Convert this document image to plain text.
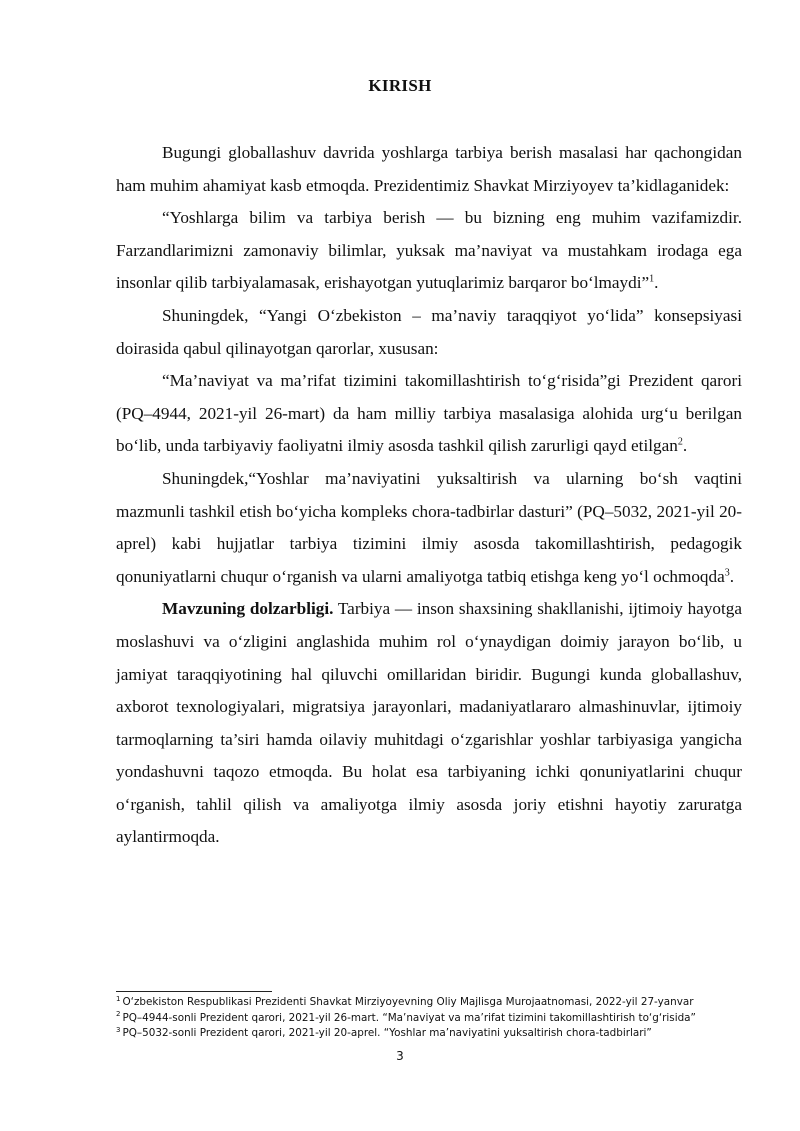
KIRISH

Bugungi globallashuv davrida yoshlarga tarbiya berish masalasi har qachongidan ham muhim ahamiyat kasb etmoqda. Prezidentimiz Shavkat Mirziyoyev ta’kidlaganidek:

“Yoshlarga bilim va tarbiya berish — bu bizning eng muhim vazifamizdir. Farzandlarimizni zamonaviy bilimlar, yuksak ma’naviyat va mustahkam irodaga ega insonlar qilib tarbiyalamasak, erishayotgan yutuqlarimiz barqaror bo‘lmaydi”$^1$.

Shuningdek, “Yangi O‘zbekiston – ma’naviy taraqqiyot yo‘lida” konsepsiyasi doirasida qabul qilinayotgan qarorlar, xususan:

“Ma’naviyat va ma’rifat tizimini takomillashtirish to‘g‘risida”gi Prezident qarori (PQ–4944, 2021-yil 26-mart) da ham milliy tarbiya masalasiga alohida urg‘u berilgan bo‘lib, unda tarbiyaviy faoliyatni ilmiy asosda tashkil qilish zarurligi qayd etilgan$^2$.

Shuningdek,“Yoshlar ma’naviyatini yuksaltirish va ularning bo‘sh vaqtini mazmunli tashkil etish bo‘yicha kompleks chora-tadbirlar dasturi” (PQ–5032, 2021-yil 20-aprel) kabi hujjatlar tarbiya tizimini ilmiy asosda takomillashtirish, pedagogik qonuniyatlarni chuqur o‘rganish va ularni amaliyotga tatbiq etishga keng yo‘l ochmoqda$^3$.

Mavzuning dolzarbligi. Tarbiya — inson shaxsining shakllanishi, ijtimoiy hayotga moslashuvi va o‘zligini anglashida muhim rol o‘ynaydigan doimiy jarayon bo‘lib, u jamiyat taraqqiyotining hal qiluvchi omillaridan biridir. Bugungi kunda globallashuv, axborot texnologiyalari, migratsiya jarayonlari, madaniyatlararo almashinuvlar, ijtimoiy tarmoqlarning ta’siri hamda oilaviy muhitdagi o‘zgarishlar yoshlar tarbiyasiga yangicha yondashuvni taqozo etmoqda. Bu holat esa tarbiyaning ichki qonuniyatlarini chuqur o‘rganish, tahlil qilish va amaliyotga ilmiy asosda joriy etishni hayotiy zaruratga aylantirmoqda.

$^1$ O‘zbekiston Respublikasi Prezidenti Shavkat Mirziyoyevning Oliy Majlisga Murojaatnomasi, 2022-yil 27-yanvar
$^2$ PQ–4944-sonli Prezident qarori, 2021-yil 26-mart. “Ma’naviyat va ma’rifat tizimini takomillashtirish to‘g‘risida”
$^3$ PQ–5032-sonli Prezident qarori, 2021-yil 20-aprel. “Yoshlar ma’naviyatini yuksaltirish chora-tadbirlari”
3
